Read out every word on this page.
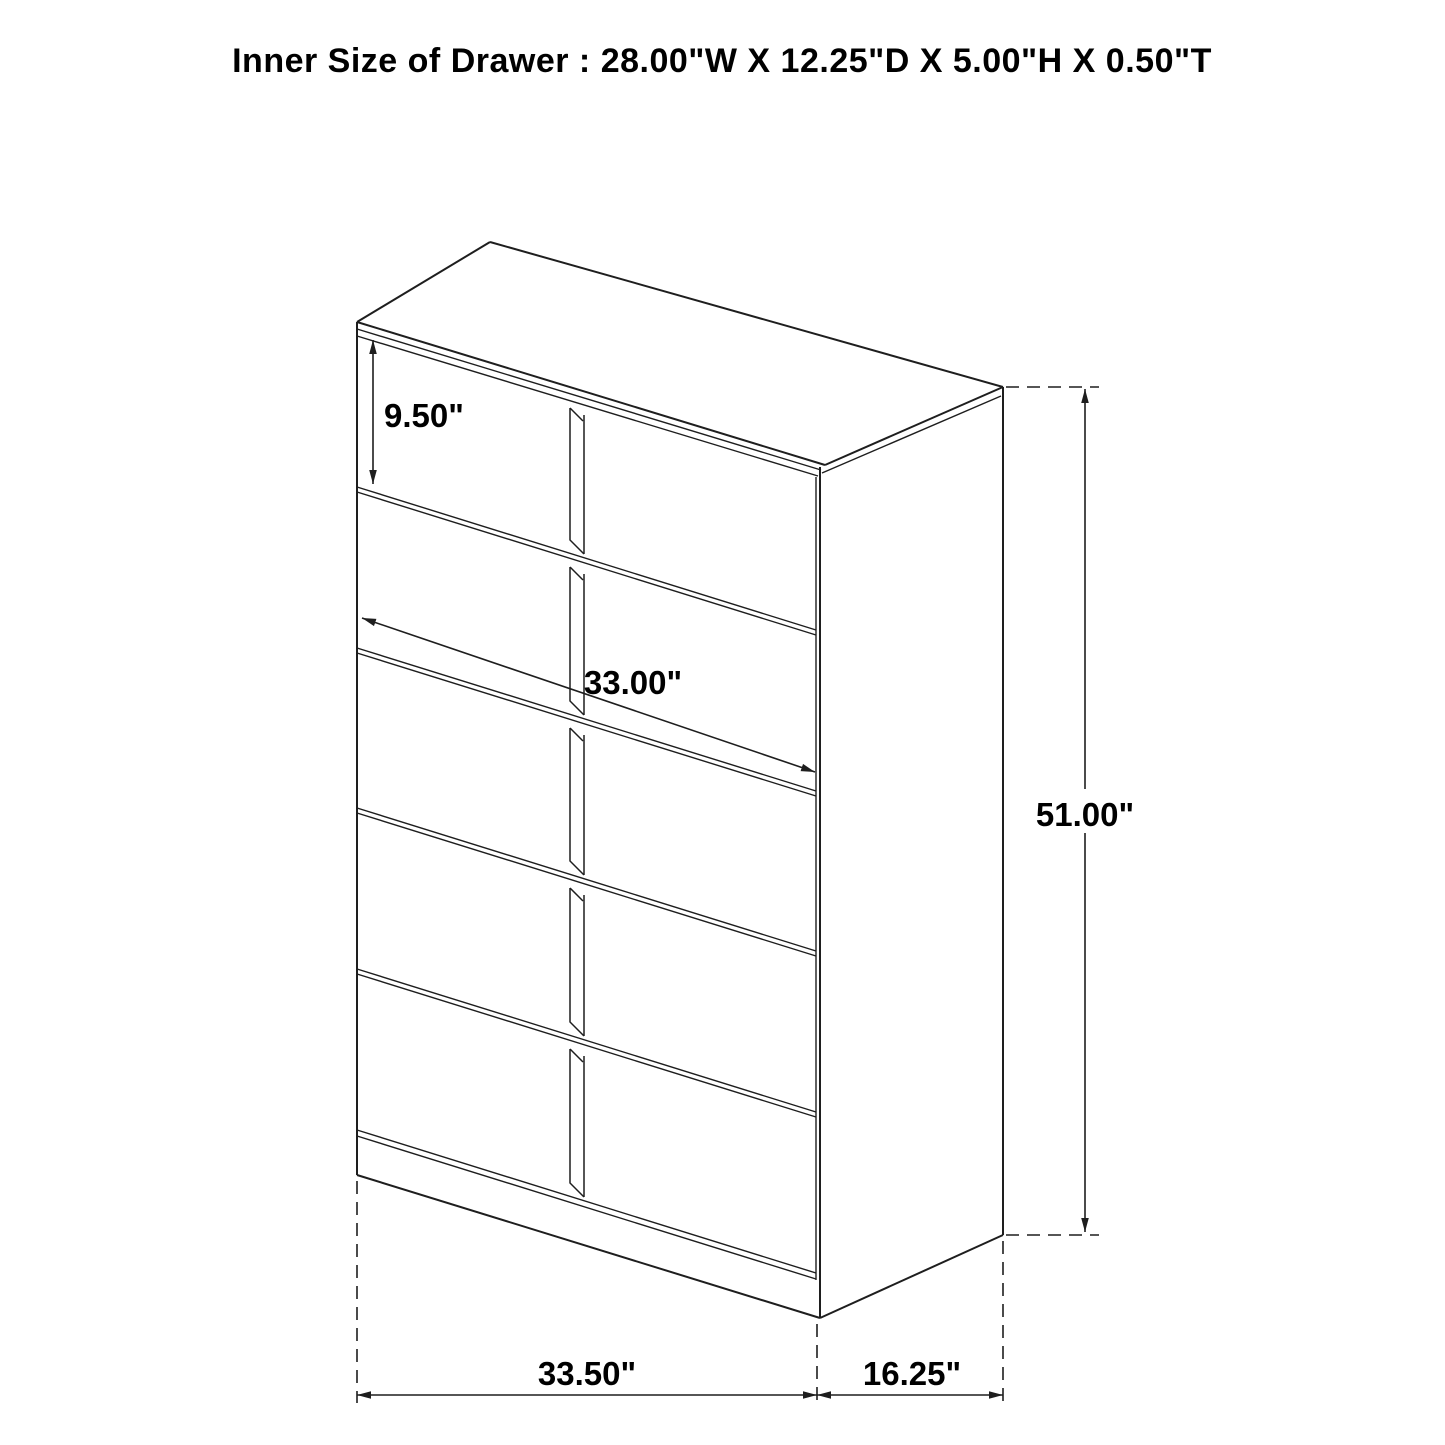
Inner Size of Drawer : 28.00"W X 12.25"D X 5.00"H X 0.50"T
9.50"
33.00"
51.00"
33.50"	16.25"
